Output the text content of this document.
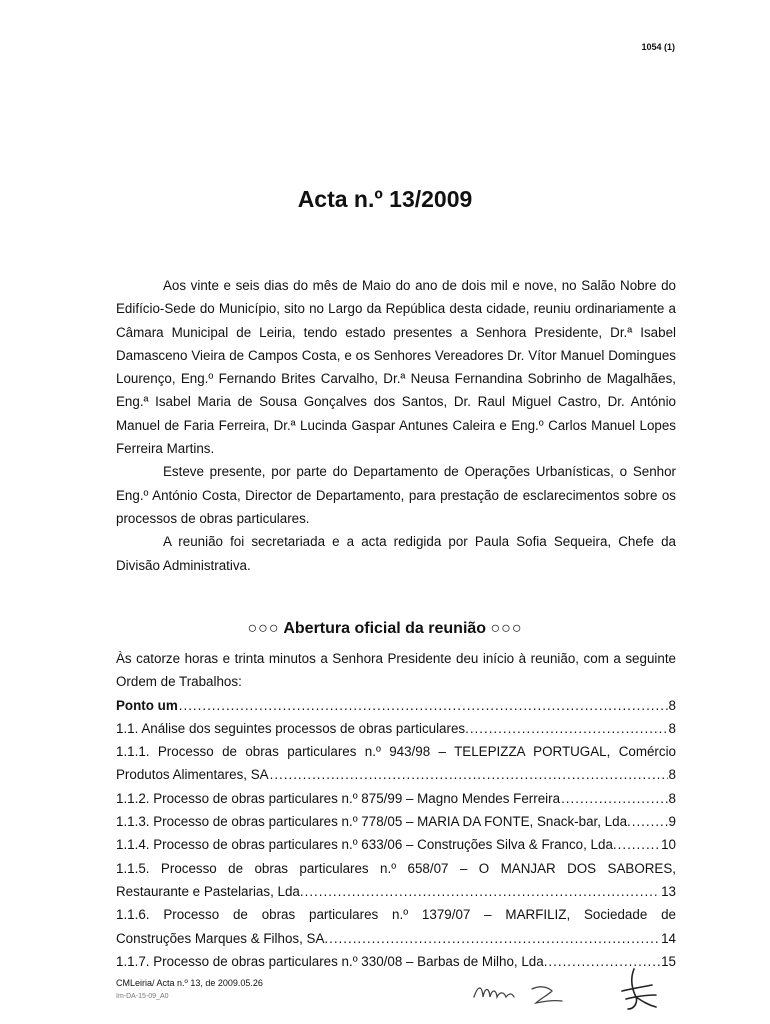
1054 (1)
Acta n.º 13/2009

Aos vinte e seis dias do mês de Maio do ano de dois mil e nove, no Salão Nobre do Edifício-Sede do Município, sito no Largo da República desta cidade, reuniu ordinariamente a Câmara Municipal de Leiria, tendo estado presentes a Senhora Presidente, Dr.ª Isabel Damasceno Vieira de Campos Costa, e os Senhores Vereadores Dr. Vítor Manuel Domingues Lourenço, Eng.º Fernando Brites Carvalho, Dr.ª Neusa Fernandina Sobrinho de Magalhães, Eng.ª Isabel Maria de Sousa Gonçalves dos Santos, Dr. Raul Miguel Castro, Dr. António Manuel de Faria Ferreira, Dr.ª Lucinda Gaspar Antunes Caleira e Eng.º Carlos Manuel Lopes Ferreira Martins.

Esteve presente, por parte do Departamento de Operações Urbanísticas, o Senhor Eng.º António Costa, Director de Departamento, para prestação de esclarecimentos sobre os processos de obras particulares.

A reunião foi secretariada e a acta redigida por Paula Sofia Sequeira, Chefe da Divisão Administrativa.

○○○ Abertura oficial da reunião ○○○

Às catorze horas e trinta minutos a Senhora Presidente deu início à reunião, com a seguinte Ordem de Trabalhos:

Ponto um .....	8
1.1. Análise dos seguintes processos de obras particulares. .....	8
1.1.1. Processo de obras particulares n.º 943/98 – TELEPIZZA PORTUGAL, Comércio
Produtos Alimentares, SA .....	8
1.1.2. Processo de obras particulares n.º 875/99 – Magno Mendes Ferreira .....	8
1.1.3. Processo de obras particulares n.º 778/05 – MARIA DA FONTE, Snack-bar, Lda. .....	9
1.1.4. Processo de obras particulares n.º 633/06 – Construções Silva & Franco, Lda. .....	10
1.1.5. Processo de obras particulares n.º 658/07 – O MANJAR DOS SABORES,
Restaurante e Pastelarias, Lda. .....	13
1.1.6. Processo de obras particulares n.º 1379/07 – MARFILIZ, Sociedade de
Construções Marques & Filhos, SA. .....	14
1.1.7. Processo de obras particulares n.º 330/08 – Barbas de Milho, Lda. .....	15
CMLeiria/ Acta n.º 13, de 2009.05.26
Im-DA-15-09_A0
